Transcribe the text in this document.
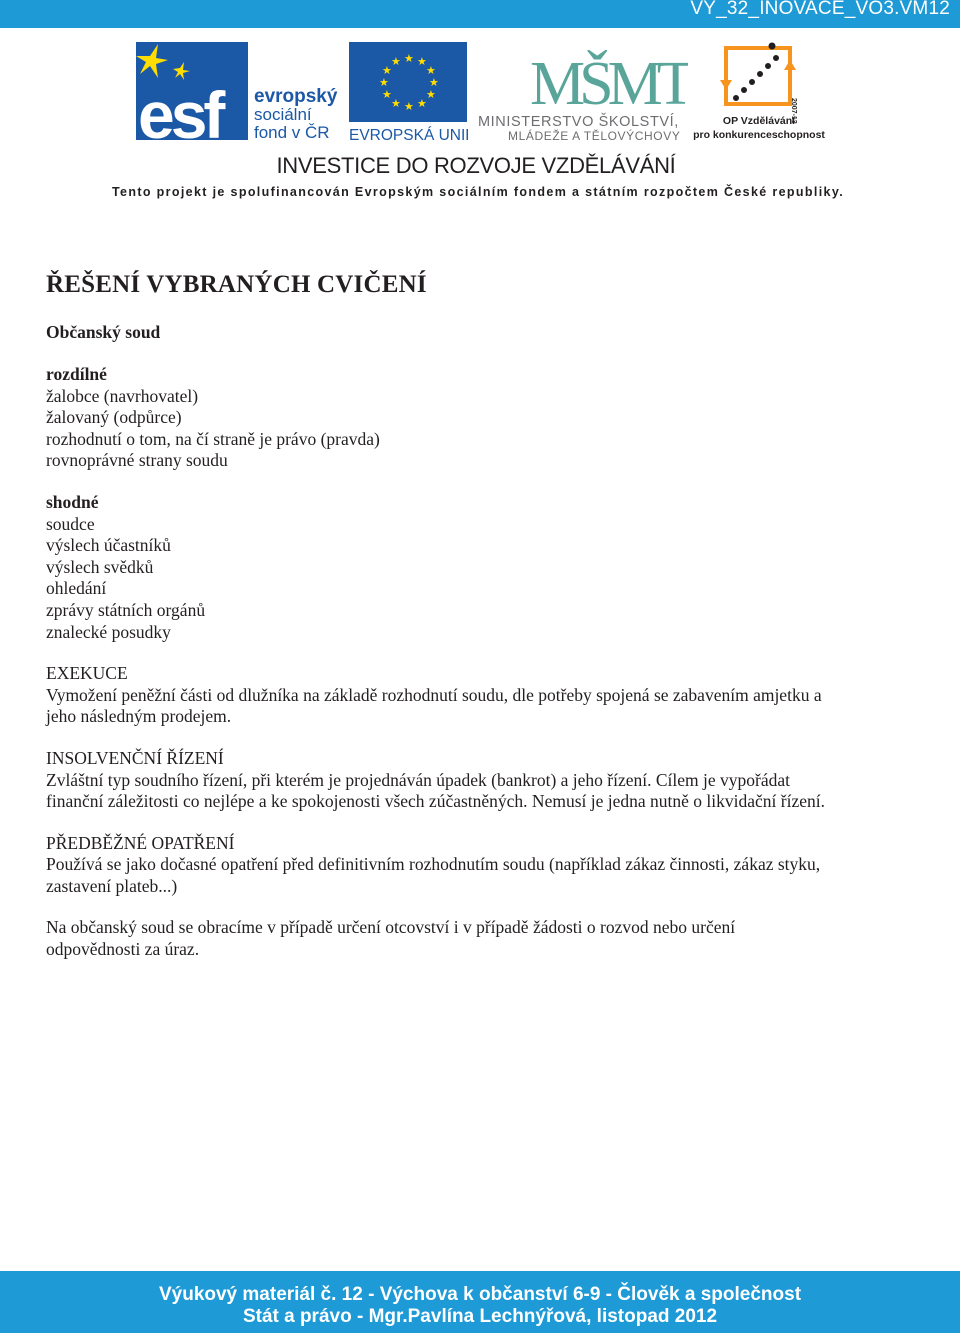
VY_32_INOVACE_VO3.VM12
esf evropský
sociální
fond v ČR
★ ★
★
★
★
★
★
★
★
★
★
★
EVROPSKÁ UNIE
MŠMT
MINISTERSTVO ŠKOLSTVÍ,
MLÁDEŽE A TĚLOVÝCHOVY
2007-13
OP Vzdělávání
pro konkurenceschopnost
INVESTICE DO ROZVOJE VZDĚLÁVÁNÍ
Tento projekt je spolufinancován Evropským sociálním fondem a státním rozpočtem České republiky.
ŘEŠENÍ VYBRANÝCH CVIČENÍ
Občanský soud
rozdílné
žalobce (navrhovatel)
žalovaný (odpůrce)
rozhodnutí o tom, na čí straně je právo (pravda)
rovnoprávné strany soudu
shodné
soudce
výslech účastníků
výslech svědků
ohledání
zprávy státních orgánů
znalecké posudky
EXEKUCE
Vymožení peněžní části od dlužníka na základě rozhodnutí soudu, dle potřeby spojená se zabavením amjetku a
jeho následným prodejem.
INSOLVENČNÍ ŘÍZENÍ
Zvláštní typ soudního řízení, při kterém je projednáván úpadek (bankrot) a jeho řízení. Cílem je vypořádat
finanční záležitosti co nejlépe a ke spokojenosti všech zúčastněných. Nemusí je jedna nutně o likvidační řízení.
PŘEDBĚŽNÉ OPATŘENÍ
Používá se jako dočasné opatření před definitivním rozhodnutím soudu (například zákaz činnosti, zákaz styku,
zastavení plateb...)
Na občanský soud se obracíme v případě určení otcovství i v případě žádosti o rozvod nebo určení
odpovědnosti za úraz.
Výukový materiál č. 12 - Výchova k občanství 6-9 - Člověk a společnost
Stát a právo - Mgr.Pavlína Lechnýřová, listopad 2012
